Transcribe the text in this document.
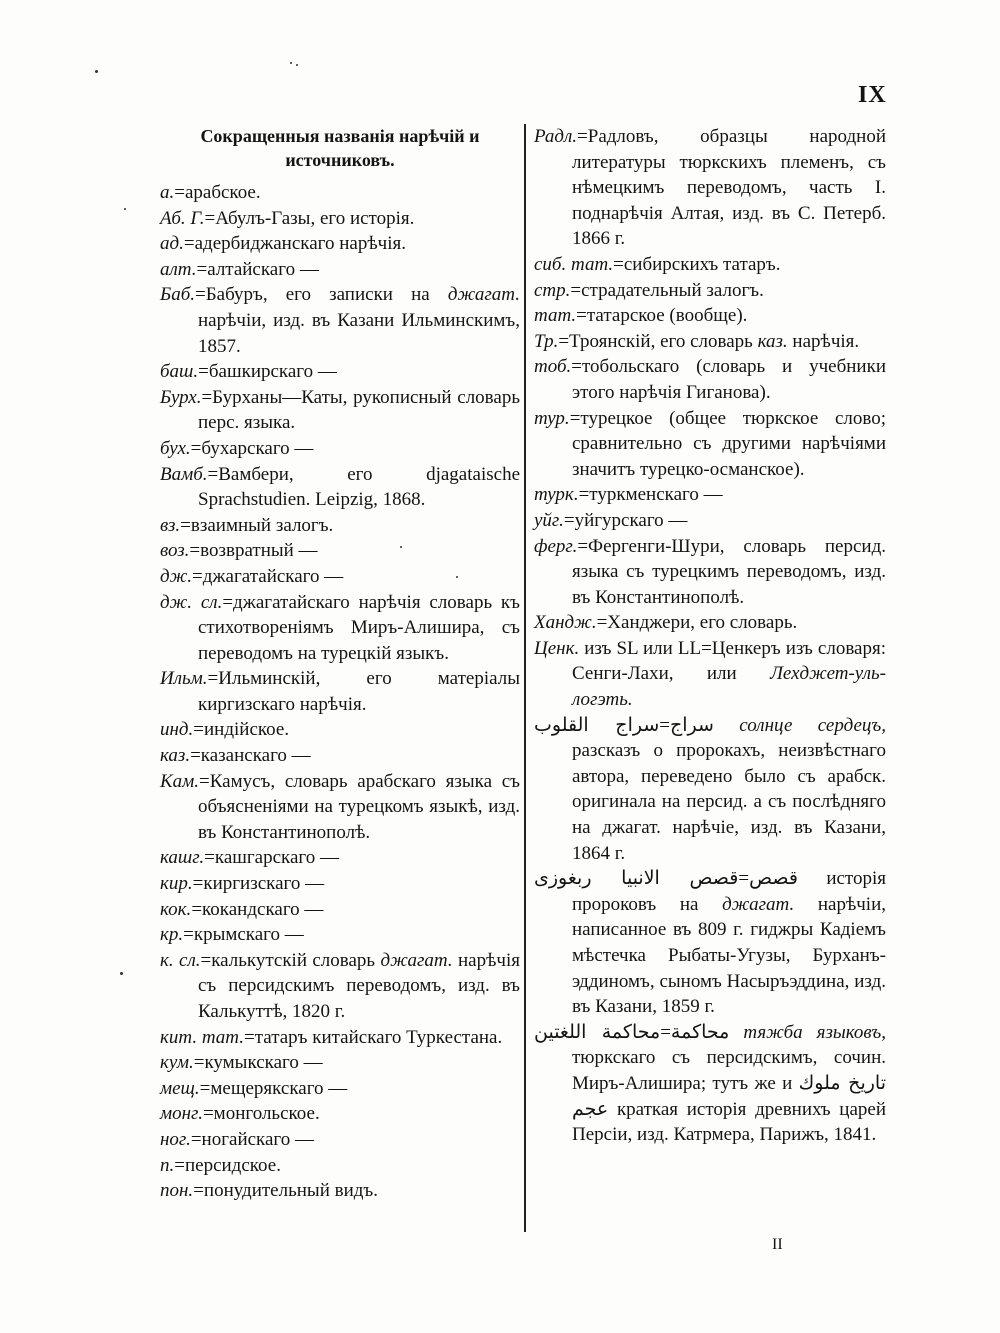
IX
Сокращенныя названія нарѣчій и источниковъ.

а.=арабское.

Аб. Г.=Абулъ-Газы, его исторія.

ад.=адербиджанскаго нарѣчія.

алт.=алтайскаго —

Баб.=Бабуръ, его записки на джагат. нарѣчіи, изд. въ Казани Ильминскимъ, 1857.

баш.=башкирскаго —

Бурх.=Бурханы—Каты, рукописный словарь перс. языка.

бух.=бухарскаго —

Вамб.=Вамбери, его djagataische Sprachstudien. Leipzig, 1868.

вз.=взаимный залогъ.

воз.=возвратный —

дж.=джагатайскаго —

дж. сл.=джагатайскаго нарѣчія словарь къ стихотвореніямъ Миръ-Алишира, съ переводомъ на турецкій языкъ.

Ильм.=Ильминскій, его матеріалы киргизскаго нарѣчія.

инд.=индійское.

каз.=казанскаго —

Кам.=Камусъ, словарь арабскаго языка съ объясненіями на турецкомъ языкѣ, изд. въ Константинополѣ.

кашг.=кашгарскаго —

кир.=киргизскаго —

кок.=кокандскаго —

кр.=крымскаго —

к. сл.=калькутскій словарь джагат. нарѣчія съ персидскимъ переводомъ, изд. въ Калькуттѣ, 1820 г.

кит. тат.=татаръ китайскаго Туркестана.

кум.=кумыкскаго —

мещ.=мещерякскаго —

монг.=монгольское.

ног.=ногайскаго —

п.=персидское.

пон.=понудительный видъ.

Радл.=Радловъ, образцы народной литературы тюркскихъ племенъ, съ нѣмецкимъ переводомъ, часть I. поднарѣчія Алтая, изд. въ С. Петерб. 1866 г.

сиб. тат.=сибирскихъ татаръ.

стр.=страдательный залогъ.

тат.=татарское (вообще).

Тр.=Троянскій, его словарь каз. нарѣчія.

тоб.=тобольскаго (словарь и учебники этого нарѣчія Гиганова).

тур.=турецкое (общее тюркское слово; сравнительно съ другими нарѣчіями значитъ турецко-османское).

турк.=туркменскаго —

уйг.=уйгурскаго —

ферг.=Фергенги-Шури, словарь персид. языка съ турецкимъ переводомъ, изд. въ Константинополѣ.

Хандж.=Ханджери, его словарь.

Ценк. изъ SL или LL=Ценкеръ изъ словаря: Сенги-Лахи, или Лехджет-уль-логэть.

سراج=سراج القلوب	солнце сердецъ, разсказъ о пророкахъ, неизвѣстнаго автора, переведено было съ арабск. оригинала на персид. а съ послѣдняго на джагат. нарѣчіе, изд. въ Казани, 1864 г.

قصص=قصص الانبيا ربغوزى	исторія пророковъ на джагат. нарѣчіи, написанное въ 809 г. гиджры Кадіемъ мѣстечка Рыбаты-Угузы, Бурханъ-эддиномъ, сыномъ Насыръэддина, изд. въ Казани, 1859 г.

محاكمة=محاكمة اللغتين	тяжба языковъ, тюркскаго съ персидскимъ, сочин. Миръ-Алишира; тутъ же и تاريخ ملوك عجم краткая исторія древнихъ царей Персіи, изд. Катрмера, Парижъ, 1841.

II
